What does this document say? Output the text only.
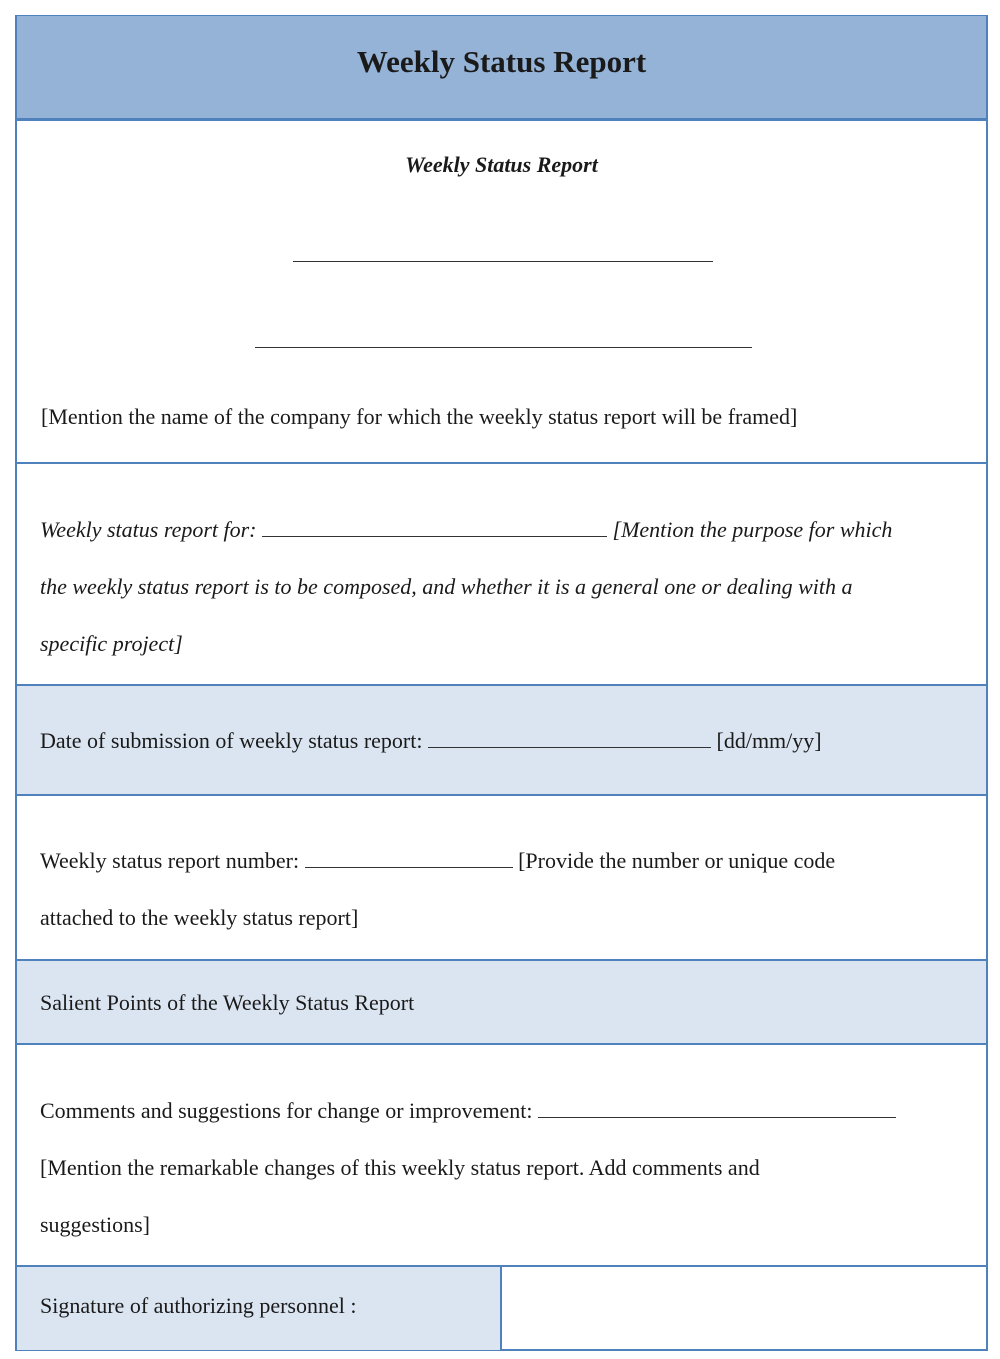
Weekly Status Report
Weekly Status Report
[Mention the name of the company for which the weekly status report will be framed]
Weekly status report for:	[Mention the purpose for which
the weekly status report is to be composed, and whether it is a general one or dealing with a
specific project]
Date of submission of weekly status report:	[dd/mm/yy]
Weekly status report number:	[Provide the number or unique code
attached to the weekly status report]
Salient Points of the Weekly Status Report
Comments and suggestions for change or improvement:
[Mention the remarkable changes of this weekly status report. Add comments and
suggestions]
Signature of authorizing personnel :
